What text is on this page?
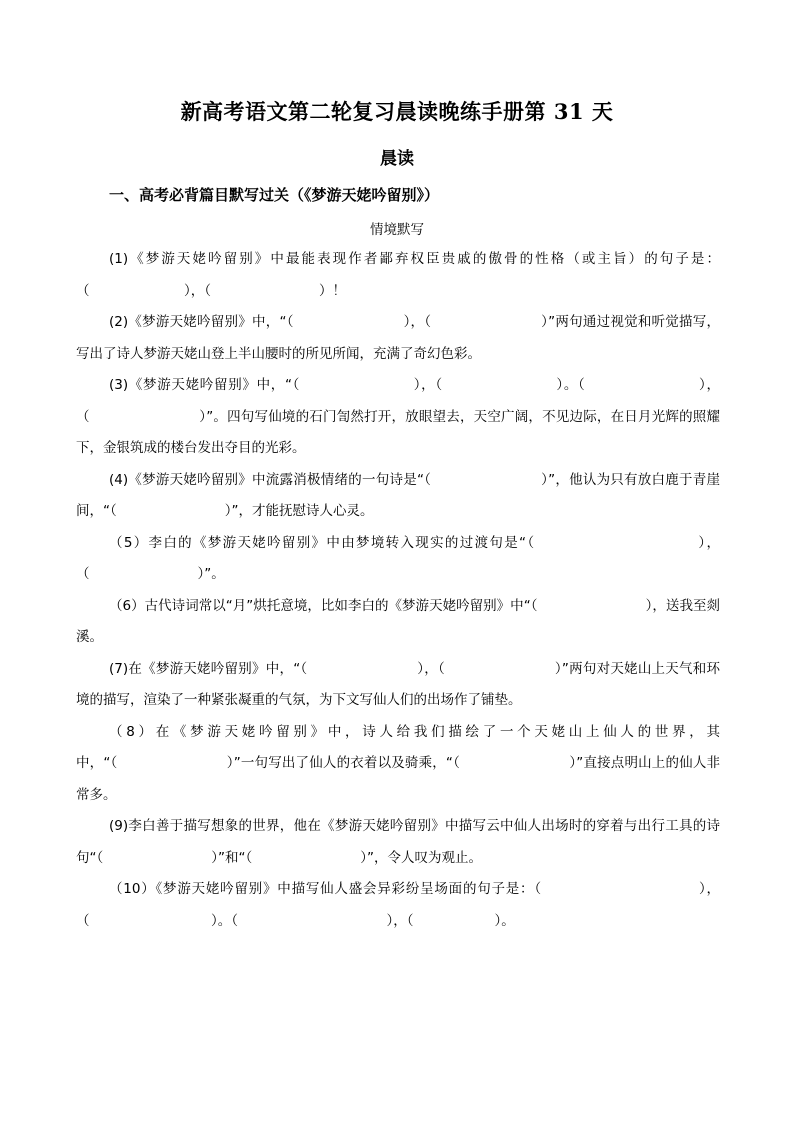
新高考语文第二轮复习晨读晚练手册第 31 天
晨读
一、高考必背篇目默写过关（《梦游天姥吟留别》）
情境默写

(1)《梦游天姥吟留别》中最能表现作者鄙弃权臣贵戚的傲骨的性格（或主旨）的句子是：（　　　　　　　），（　　　　　　　　）！

(2)《梦游天姥吟留别》中，“（　　　　　　　　），（　　　　　　　　）”两句通过视觉和听觉描写，写出了诗人梦游天姥山登上半山腰时的所见所闻，充满了奇幻色彩。

(3)《梦游天姥吟留别》中，“（　　　　　　　　），（　　　　　　　　）。（　　　　　　　　），（　　　　　　　　）”。四句写仙境的石门訇然打开，放眼望去，天空广阔，不见边际，在日月光辉的照耀下，金银筑成的楼台发出夺目的光彩。

(4)《梦游天姥吟留别》中流露消极情绪的一句诗是“（　　　　　　　　）”，他认为只有放白鹿于青崖间，“（　　　　　　　　）”，才能抚慰诗人心灵。

（5）李白的《梦游天姥吟留别》中由梦境转入现实的过渡句是“（　　　　　　　　　　　），（　　　　　　　　）”。

（6）古代诗词常以“月”烘托意境，比如李白的《梦游天姥吟留别》中“（　　　　　　　　），送我至剡溪。

(7)在《梦游天姥吟留别》中，“（　　　　　　　　），（　　　　　　　　）”两句对天姥山上天气和环境的描写，渲染了一种紧张凝重的气氛，为下文写仙人们的出场作了铺垫。

（8）在《梦游天姥吟留别》中，诗人给我们描绘了一个天姥山上仙人的世界，其中，“（　　　　　　　　）”一句写出了仙人的衣着以及骑乘，“（　　　　　　　　）”直接点明山上的仙人非常多。

(9)李白善于描写想象的世界，他在《梦游天姥吟留别》中描写云中仙人出场时的穿着与出行工具的诗句“（　　　　　　　　）”和“（　　　　　　　　）”，令人叹为观止。

（10）《梦游天姥吟留别》中描写仙人盛会异彩纷呈场面的句子是：（　　　　　　　　　　　），（　　　　　　　　　）。（　　　　　　　　　　　），（　　　　　　）。
